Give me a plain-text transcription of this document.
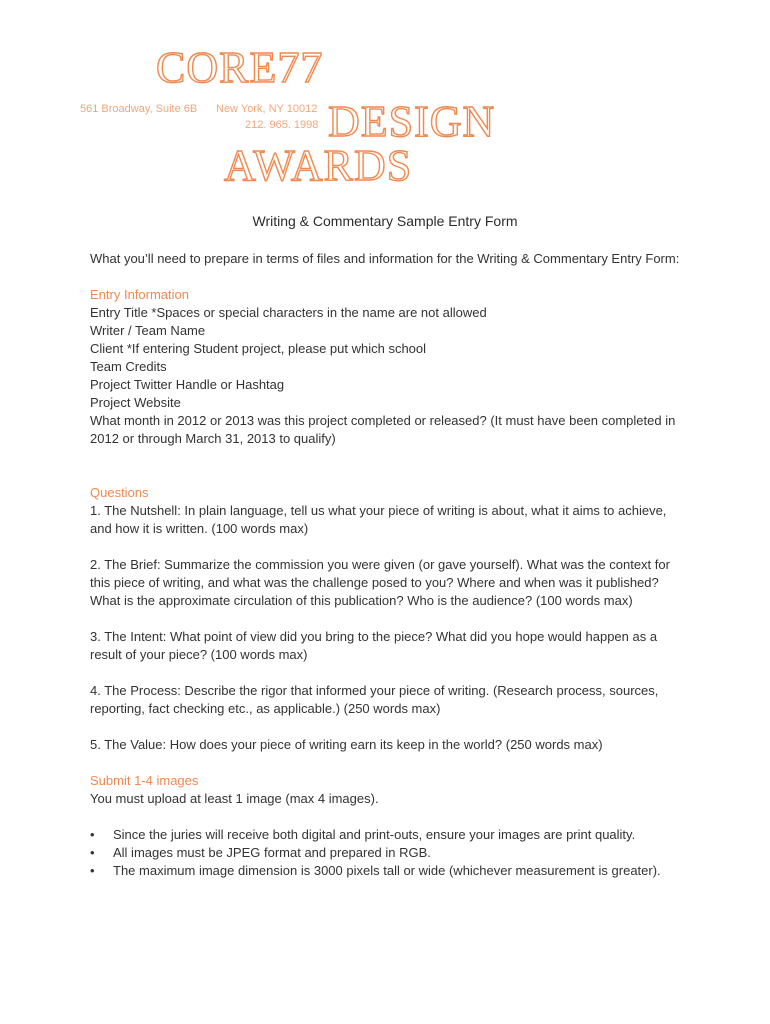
CORE77
DESIGN
AWARDS
561 Broadway, Suite 6B New York, NY 10012
212. 965. 1998
Writing & Commentary Sample Entry Form

What you’ll need to prepare in terms of files and information for the Writing & Commentary Entry Form:

Entry Information

Entry Title *Spaces or special characters in the name are not allowed

Writer / Team Name

Client *If entering Student project, please put which school

Team Credits

Project Twitter Handle or Hashtag

Project Website

What month in 2012 or 2013 was this project completed or released? (It must have been completed in 2012 or through March 31, 2013 to qualify)

Questions

1. The Nutshell: In plain language, tell us what your piece of writing is about, what it aims to achieve, and how it is written. (100 words max)

2. The Brief: Summarize the commission you were given (or gave yourself). What was the context for this piece of writing, and what was the challenge posed to you? Where and when was it published? What is the approximate circulation of this publication? Who is the audience? (100 words max)

3. The Intent: What point of view did you bring to the piece? What did you hope would happen as a result of your piece? (100 words max)

4. The Process: Describe the rigor that informed your piece of writing. (Research process, sources, reporting, fact checking etc., as applicable.) (250 words max)

5. The Value: How does your piece of writing earn its keep in the world? (250 words max)

Submit 1-4 images

You must upload at least 1 image (max 4 images).

• Since the juries will receive both digital and print-outs, ensure your images are print quality.
• All images must be JPEG format and prepared in RGB.
• The maximum image dimension is 3000 pixels tall or wide (whichever measurement is greater).
